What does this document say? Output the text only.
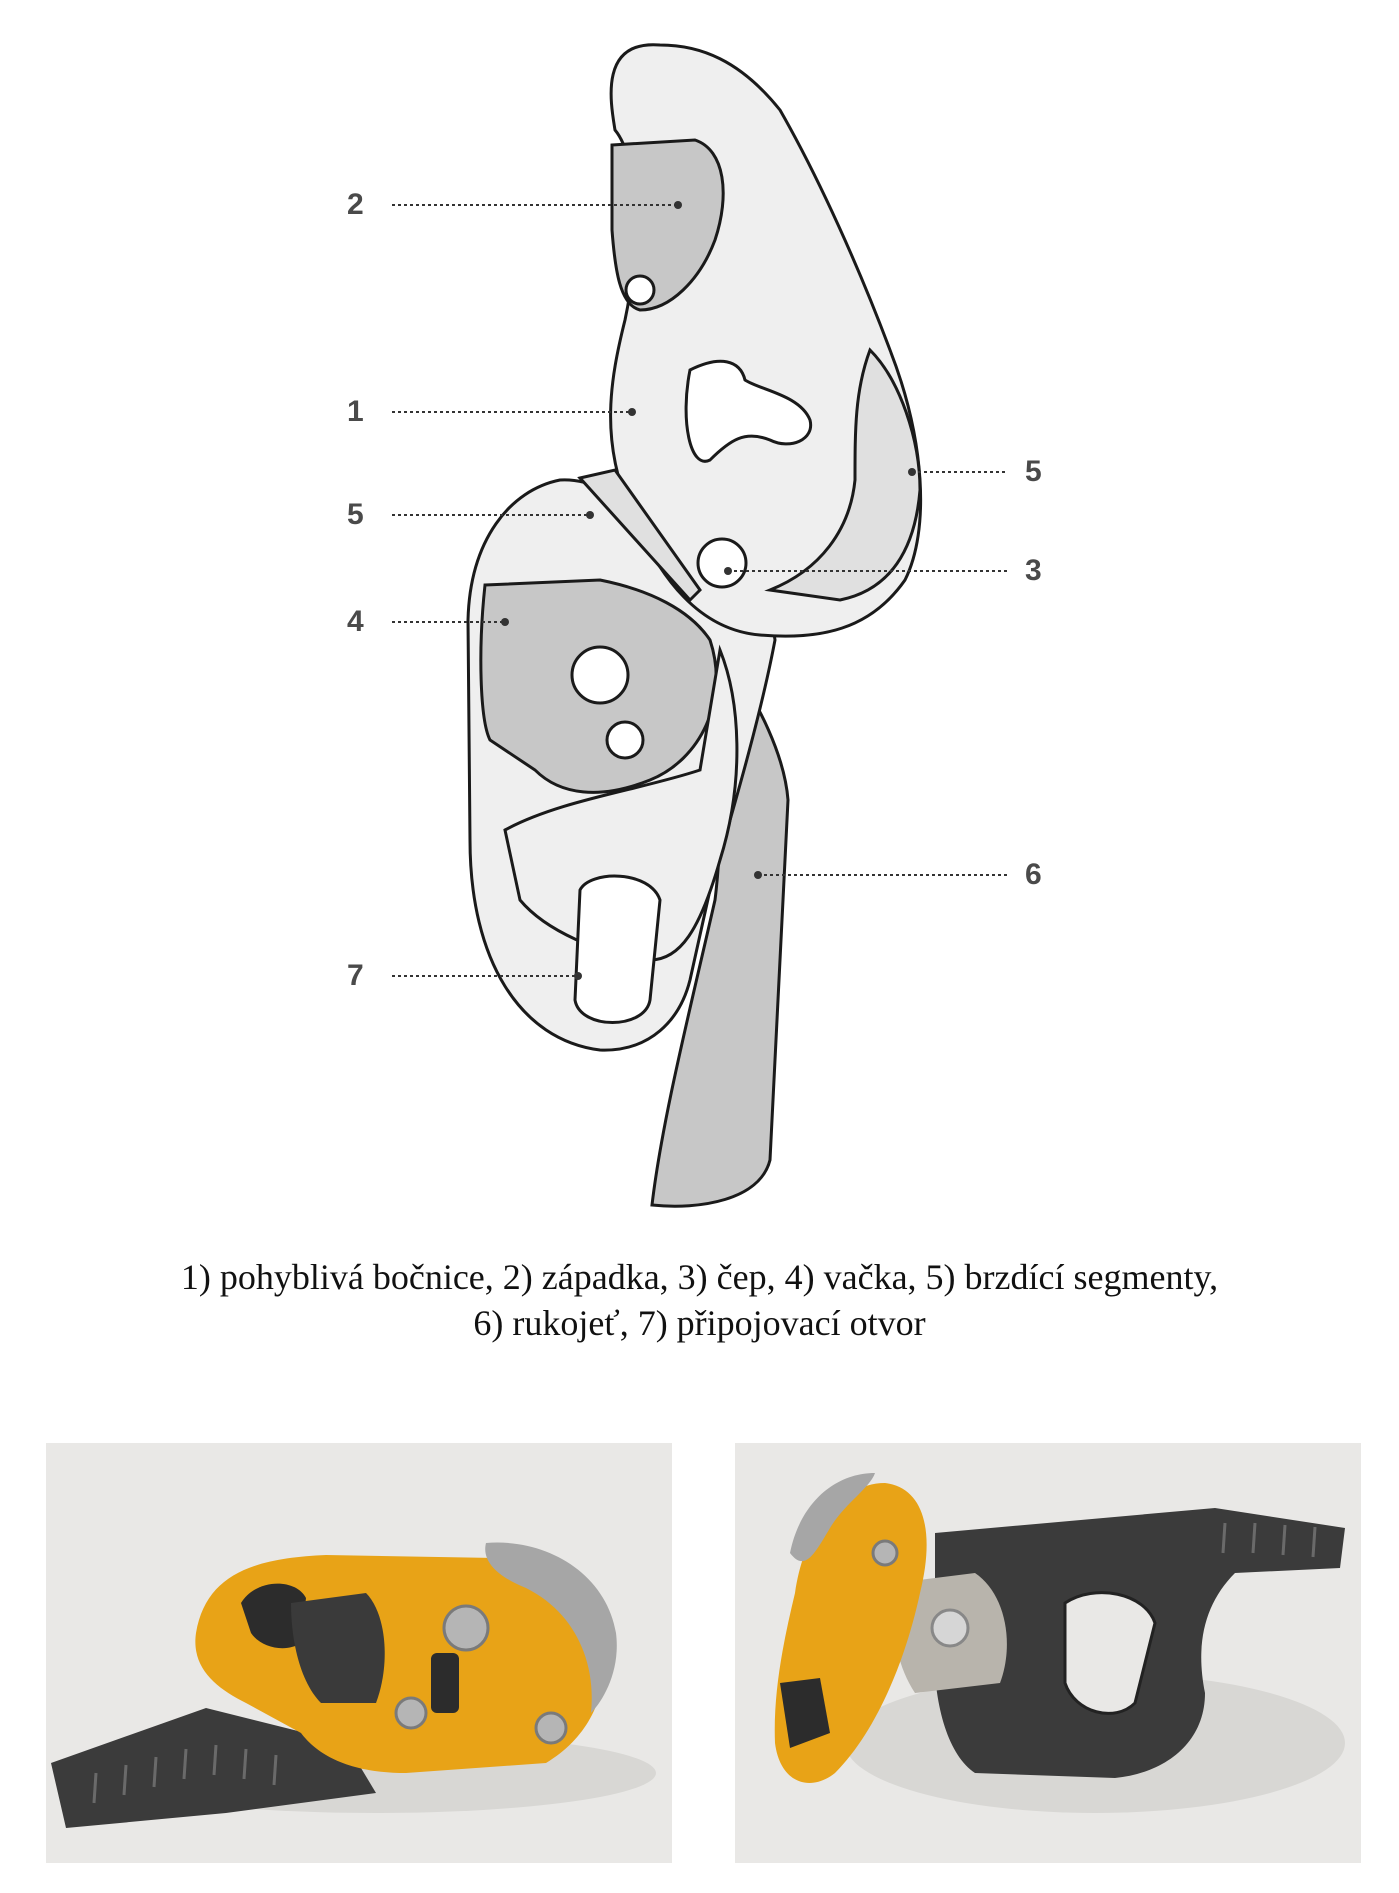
2
1
5
4
7
5
3
6
1) pohyblivá bočnice, 2) západka, 3) čep, 4) vačka, 5) brzdící segmenty,
6) rukojeť, 7) připojovací otvor
